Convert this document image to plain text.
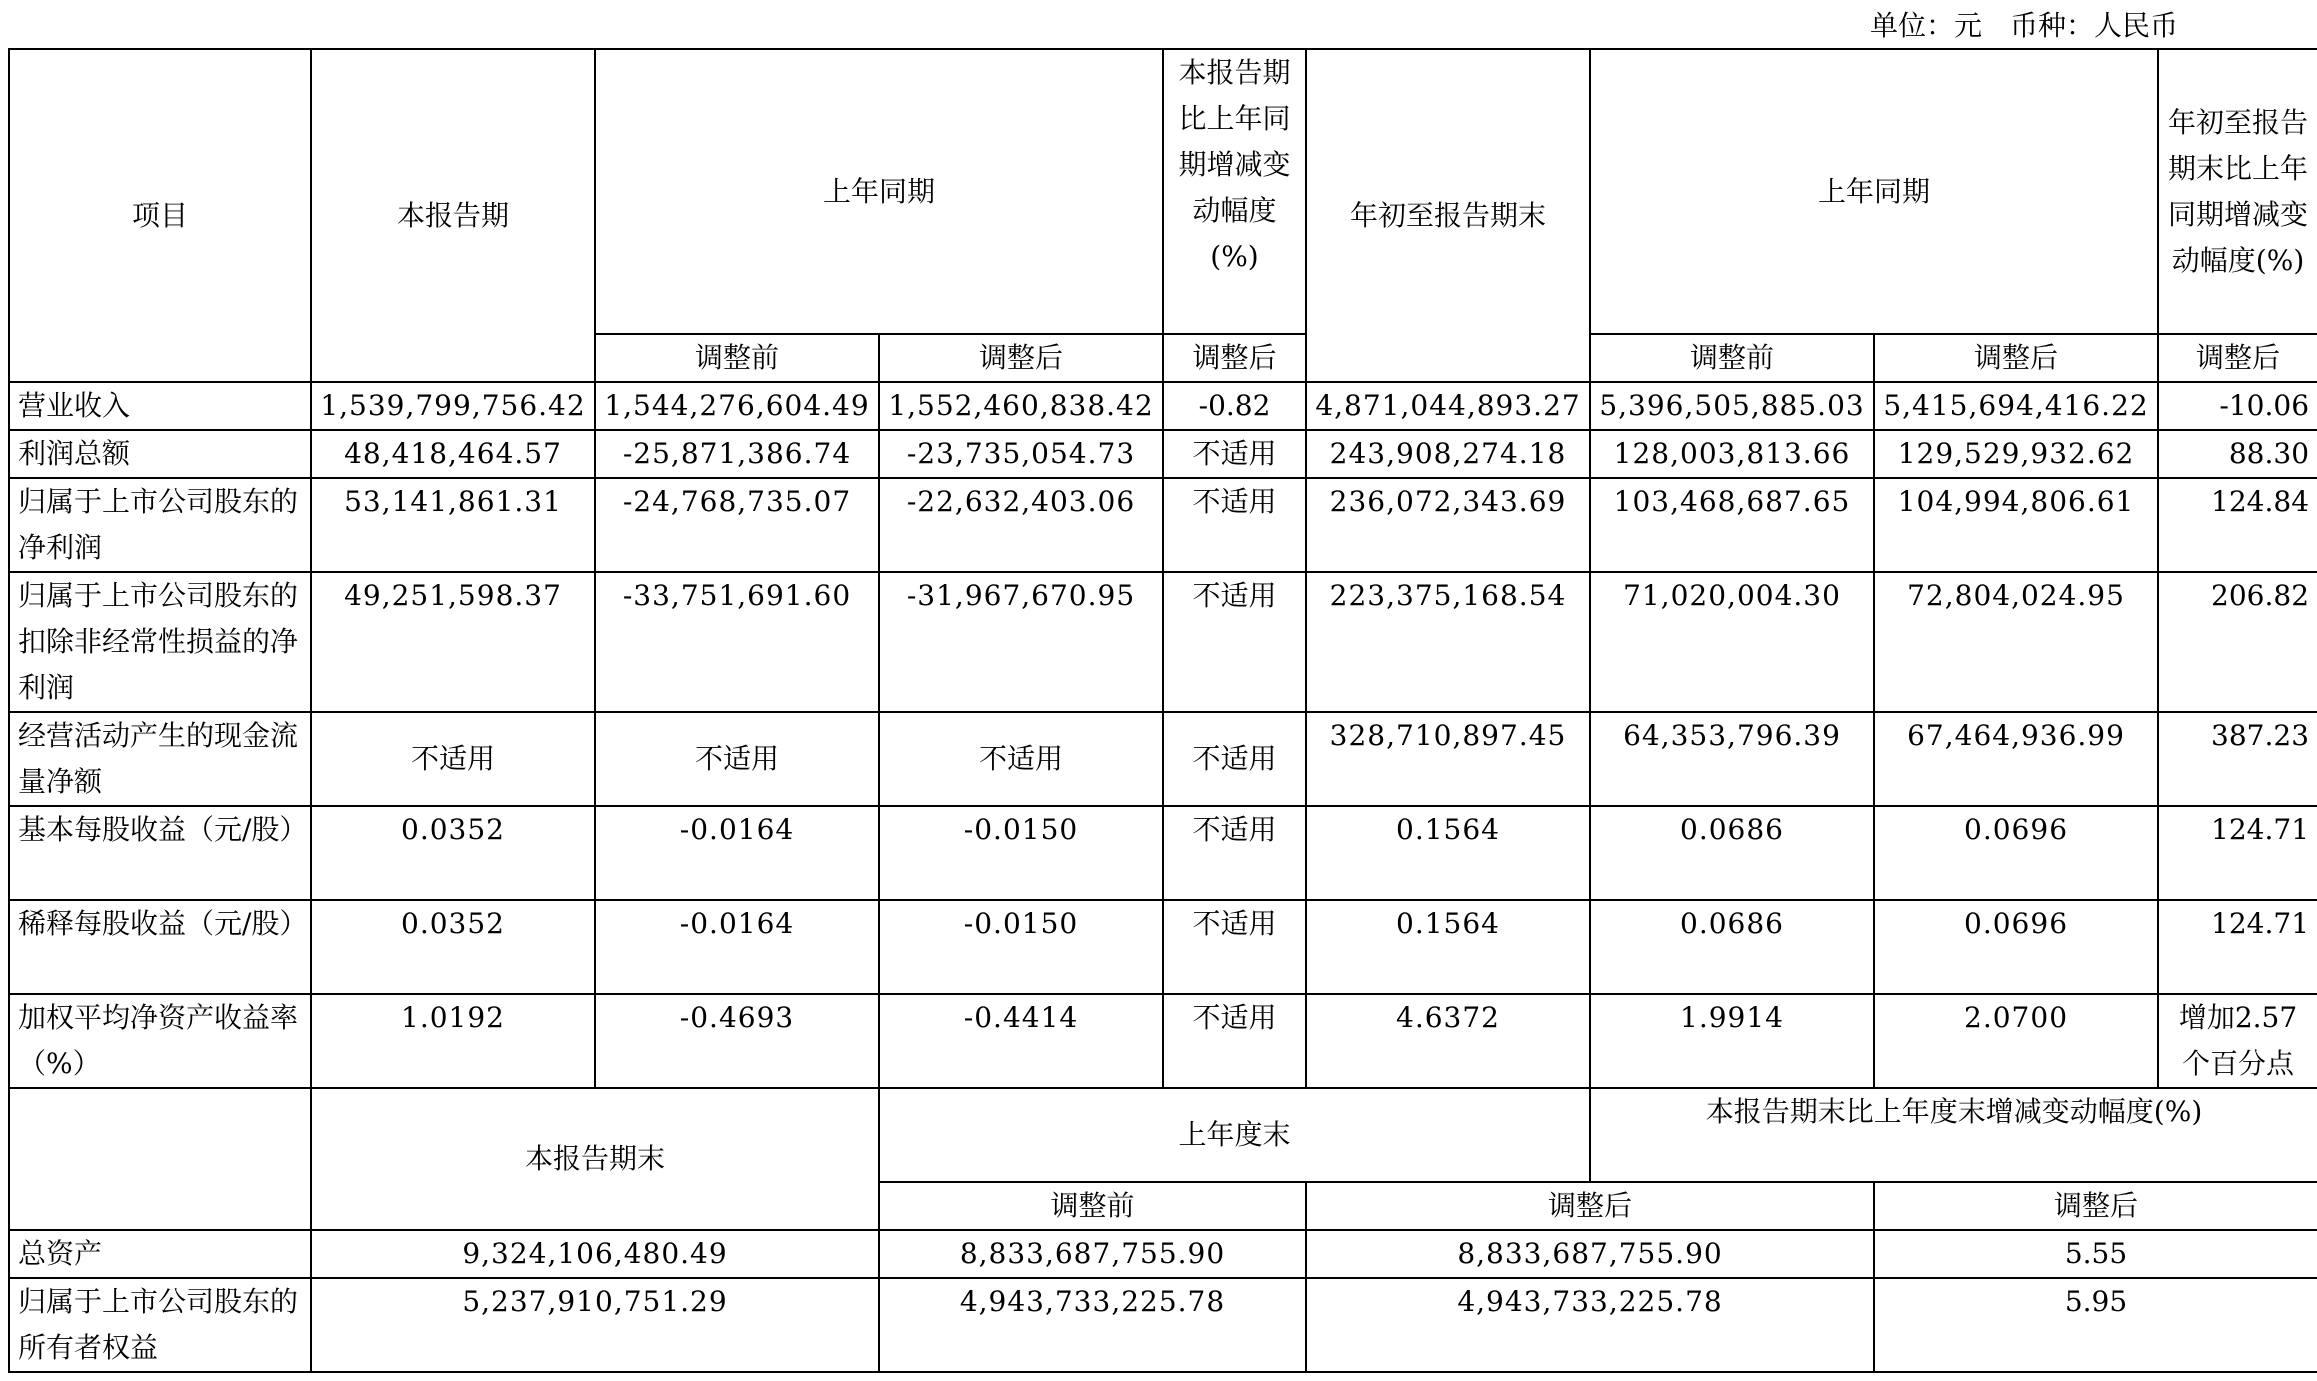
单位：元　币种：人民币
项目	本报告期	上年同期		本报告期比上年同期增减变动幅度(%)	年初至报告期末	上年同期		年初至报告期末比上年同期增减变动幅度(%)
		调整前	调整后	调整后		调整前	调整后	调整后
营业收入	1,539,799,756.42	1,544,276,604.49	1,552,460,838.42	-0.82	4,871,044,893.27	5,396,505,885.03	5,415,694,416.22	-10.06
利润总额	48,418,464.57	-25,871,386.74	-23,735,054.73	不适用	243,908,274.18	128,003,813.66	129,529,932.62	88.30
归属于上市公司股东的净利润	53,141,861.31	-24,768,735.07	-22,632,403.06	不适用	236,072,343.69	103,468,687.65	104,994,806.61	124.84
归属于上市公司股东的扣除非经常性损益的净利润	49,251,598.37	-33,751,691.60	-31,967,670.95	不适用	223,375,168.54	71,020,004.30	72,804,024.95	206.82
经营活动产生的现金流量净额	不适用	不适用	不适用	不适用	328,710,897.45	64,353,796.39	67,464,936.99	387.23
基本每股收益（元/股）	0.0352	-0.0164	-0.0150	不适用	0.1564	0.0686	0.0696	124.71
稀释每股收益（元/股）	0.0352	-0.0164	-0.0150	不适用	0.1564	0.0686	0.0696	124.71
加权平均净资产收益率（%）	1.0192	-0.4693	-0.4414	不适用	4.6372	1.9914	2.0700	增加2.57个百分点
	本报告期末		上年度末			本报告期末比上年度末增减变动幅度(%)		
			调整前		调整后		调整后	
总资产	9,324,106,480.49		8,833,687,755.90		8,833,687,755.90		5.55	
归属于上市公司股东的所有者权益	5,237,910,751.29		4,943,733,225.78		4,943,733,225.78		5.95	
